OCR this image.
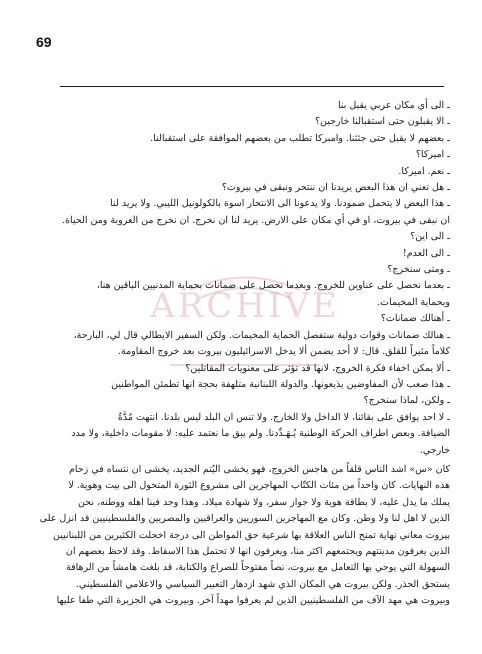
69
ARCHIVE
ـ الى أي مكان عربي يقبل بنا
ـ الا يقبلون حتى استقبالنا خارجين؟
ـ بعضهم لا يقبل حتى جثثنا. وامبركا تطلب من بعضهم الموافقة على استقبالنا.
ـ اميركا؟
ـ نعم. اميركا.
ـ هل تعني ان هذا البعض يريدنا ان ننتحر ونبقى في بيروت؟
ـ هذا البعض لا يتحمل صمودنا. ولا يدعونا الى الانتحار اسوة بالكولونيل الليبي. ولا يريد لنا
ان نبقى في بيروت، او في أي مكان على الارض. يريد لنا ان نخرج. ان نخرج من العروبة ومن الحياة.
ـ الى اين؟
ـ الى العدم!
ـ ومتى سنخرج؟
ـ بعدما نحصل على عناوين للخروج. وبعدما نحصل على ضمانات بحماية المدنيين الباقين هنا،
وبحماية المخيمات.
ـ أهنالك ضمانات؟
ـ هنالك ضمانات وقوات دولية ستفصل الحماية المخيمات. ولكن السفير الايطالي قال لي، البارحة،
كلاماً مثيراً للقلق. قال: لا أحد يضمن ألا يدخل الاسرائيليون بيروت بعد خروج المقاومة.
ـ ألا يمكن اخفاء فكرة الخروج، لانها قد تؤثر على معنويات المقاتلين؟
ـ هذا صعب لأن المفاوضين يذيعونها. والدولة اللبنانية متلهفة بحجة انها تطمئن المواطنين
ـ ولكن، لماذا سنخرج؟
ـ لا احد يوافق على بقائنا، لا الداخل ولا الخارج. ولا تنس ان البلد ليس بلدنا. انتهت مُدَّةُ
الضيافة. وبعض اطراف الحركة الوطنية يُـهَـدِّدنا. ولم يبق ما نعتمد عليه: لا مقومات داخلية، ولا مدد
خارجي.
كان «س» اشد الناس قلقاً من هاجس الخروج، فهو يخشى اليُتم الجديد، يخشى ان نتساه في زحام
هذه النهايات. كان واحداً من مئات الكتّاب المهاجرين الى مشروع الثورة المتحول الى بيت وهوية. لا
يملك ما يدل عليه، لا بطاقة هوية ولا جواز سفر، ولا شهادة ميلاد. وهذا وجد فينا اهله ووطنه، نحن
الذين لا اهل لنا ولا وطن. وكان مع المهاجرين السوريين والعراقيين والمصريين والفلسطينيين قد انزل على
بيروت معاني نهاية تمنح الناس العلاقة بها شرعية حق المواطن الى درجة اخجلت الكثيرين من اللبنانيين
الذين يعرفون مدينتهم ويجتمعهم اكثر منا، ويعرفون انها لا تحتمل هذا الاسقاط. وقد لاحظ بعضهم ان
السهولة التي يوحي بها التعامل مع بيروت، نصاً مفتوحاً للصراع والكتابة، قد بلغت هامشاً من الرهافة
يستحق الحذر. ولكن بيروت هي المكان الذي شهد ازدهار التعبير السياسي والاعلامي الفلسطيني.
وبيروت هي مهد الآف من الفلسطينيين الذين لم يعرفوا مهداً آخر. وبيروت هي الجزيرة التي طفا عليها
